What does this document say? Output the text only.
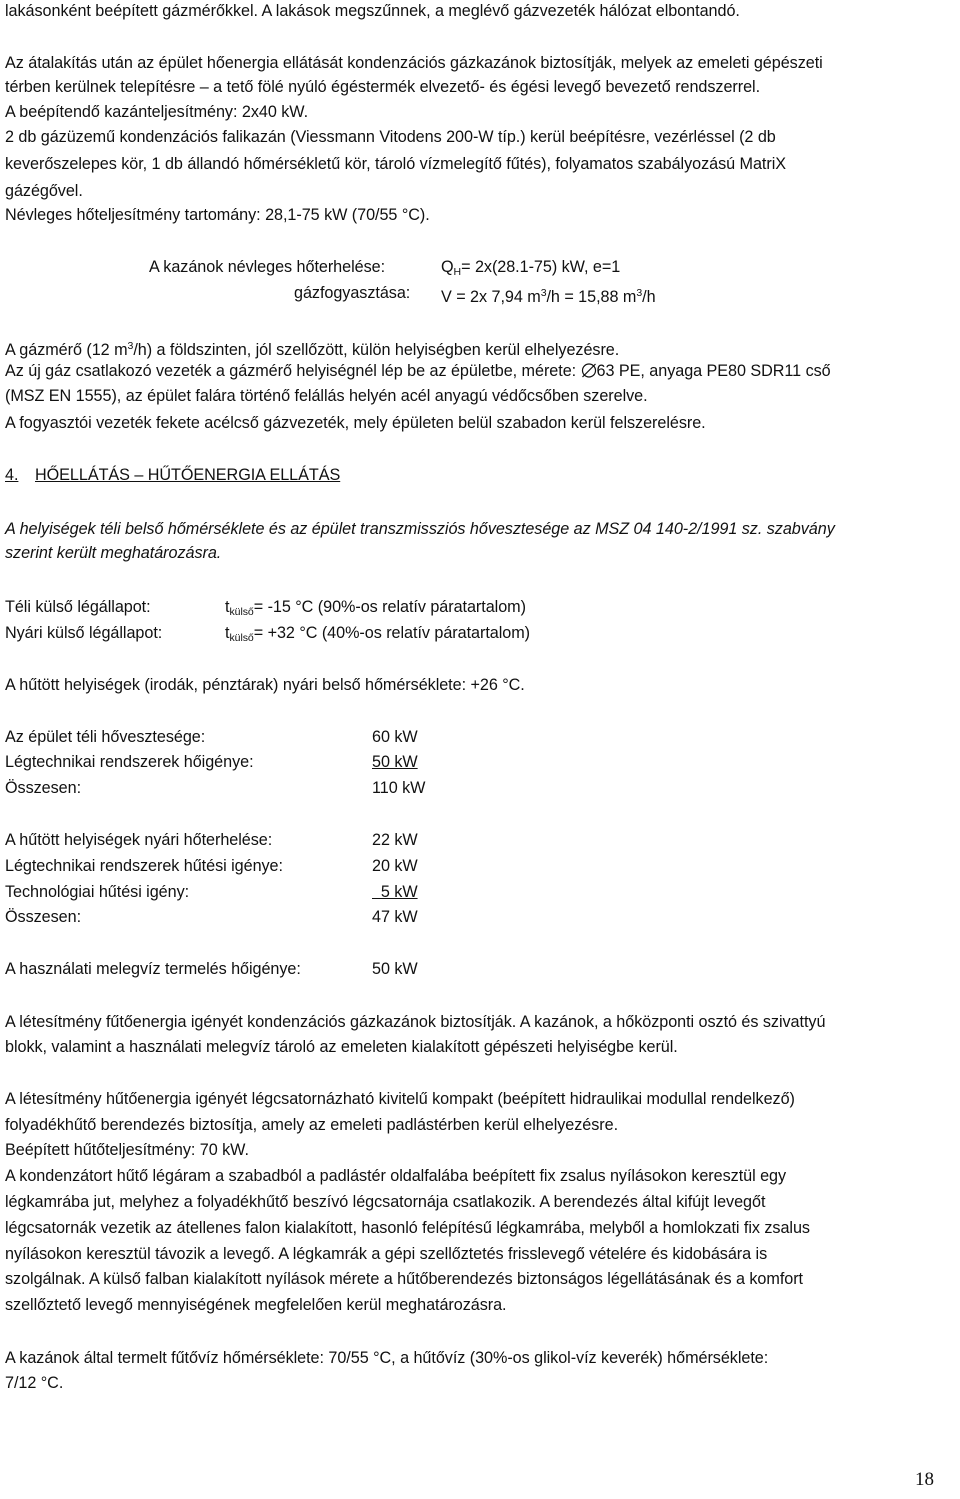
lakásonként beépített gázmérőkkel. A lakások megszűnnek, a meglévő gázvezeték hálózat elbontandó.
Az átalakítás után az épület hőenergia ellátását kondenzációs gázkazánok biztosítják, melyek az emeleti gépészeti
térben kerülnek telepítésre – a tető fölé nyúló égéstermék elvezető- és égési levegő bevezető rendszerrel.
A beépítendő kazánteljesítmény: 2x40 kW.
2 db gázüzemű kondenzációs falikazán (Viessmann Vitodens 200-W típ.) kerül beépítésre, vezérléssel (2 db
keverőszelepes kör, 1 db állandó hőmérsékletű kör, tároló vízmelegítő fűtés), folyamatos szabályozású MatriX
gázégővel.
Névleges hőteljesítmény tartomány: 28,1-75 kW (70/55 °C).
A kazánok névleges hőterhelése:	$Q_H= 2x(28.1-75)$ kW, e=1
gázfogyasztása: V = 2x 7,94 $m^3/h = 15,88$ $m^3/h$
A gázmérő (12 $m^3/h$) a földszinten, jól szellőzött, külön helyiségben kerül elhelyezésre.
Az új gáz csatlakozó vezeték a gázmérő helyiségnél lép be az épületbe, mérete: 63 PE, anyaga PE80 SDR11 cső
(MSZ EN 1555), az épület falára történő felállás helyén acél anyagú védőcsőben szerelve.
A fogyasztói vezeték fekete acélcső gázvezeték, mely épületen belül szabadon kerül felszerelésre.
4. HŐELLÁTÁS – HŰTŐENERGIA ELLÁTÁS
A helyiségek téli belső hőmérséklete és az épület transzmissziós hővesztesége az MSZ 04 140-2/1991 sz. szabvány
szerint került meghatározásra.
Téli külső légállapot:	$t_{külső}= -15$ °C (90%-os relatív páratartalom)
Nyári külső légállapot:	$t_{külső}= +32$ °C (40%-os relatív páratartalom)
A hűtött helyiségek (irodák, pénztárak) nyári belső hőmérséklete: +26 °C.
Az épület téli hővesztesége:	60 kW
Légtechnikai rendszerek hőigénye:	50 kW
Összesen:	110 kW
A hűtött helyiségek nyári hőterhelése:	22 kW
Légtechnikai rendszerek hűtési igénye:	20 kW
Technológiai hűtési igény:	5 kW
Összesen:	47 kW
A használati melegvíz termelés hőigénye:	50 kW
A létesítmény fűtőenergia igényét kondenzációs gázkazánok biztosítják. A kazánok, a hőközponti osztó és szivattyú
blokk, valamint a használati melegvíz tároló az emeleten kialakított gépészeti helyiségbe kerül.
A létesítmény hűtőenergia igényét légcsatornázható kivitelű kompakt (beépített hidraulikai modullal rendelkező)
folyadékhűtő berendezés biztosítja, amely az emeleti padlástérben kerül elhelyezésre.
Beépített hűtőteljesítmény: 70 kW.
A kondenzátort hűtő légáram a szabadból a padlástér oldalfalába beépített fix zsalus nyílásokon keresztül egy
légkamrába jut, melyhez a folyadékhűtő beszívó légcsatornája csatlakozik. A berendezés által kifújt levegőt
légcsatornák vezetik az átellenes falon kialakított, hasonló felépítésű légkamrába, melyből a homlokzati fix zsalus
nyílásokon keresztül távozik a levegő. A légkamrák a gépi szellőztetés frisslevegő vételére és kidobására is
szolgálnak. A külső falban kialakított nyílások mérete a hűtőberendezés biztonságos légellátásának és a komfort
szellőztető levegő mennyiségének megfelelően kerül meghatározásra.
A kazánok által termelt fűtővíz hőmérséklete: 70/55 °C, a hűtővíz (30%-os glikol-víz keverék) hőmérséklete:
7/12 °C.
18
